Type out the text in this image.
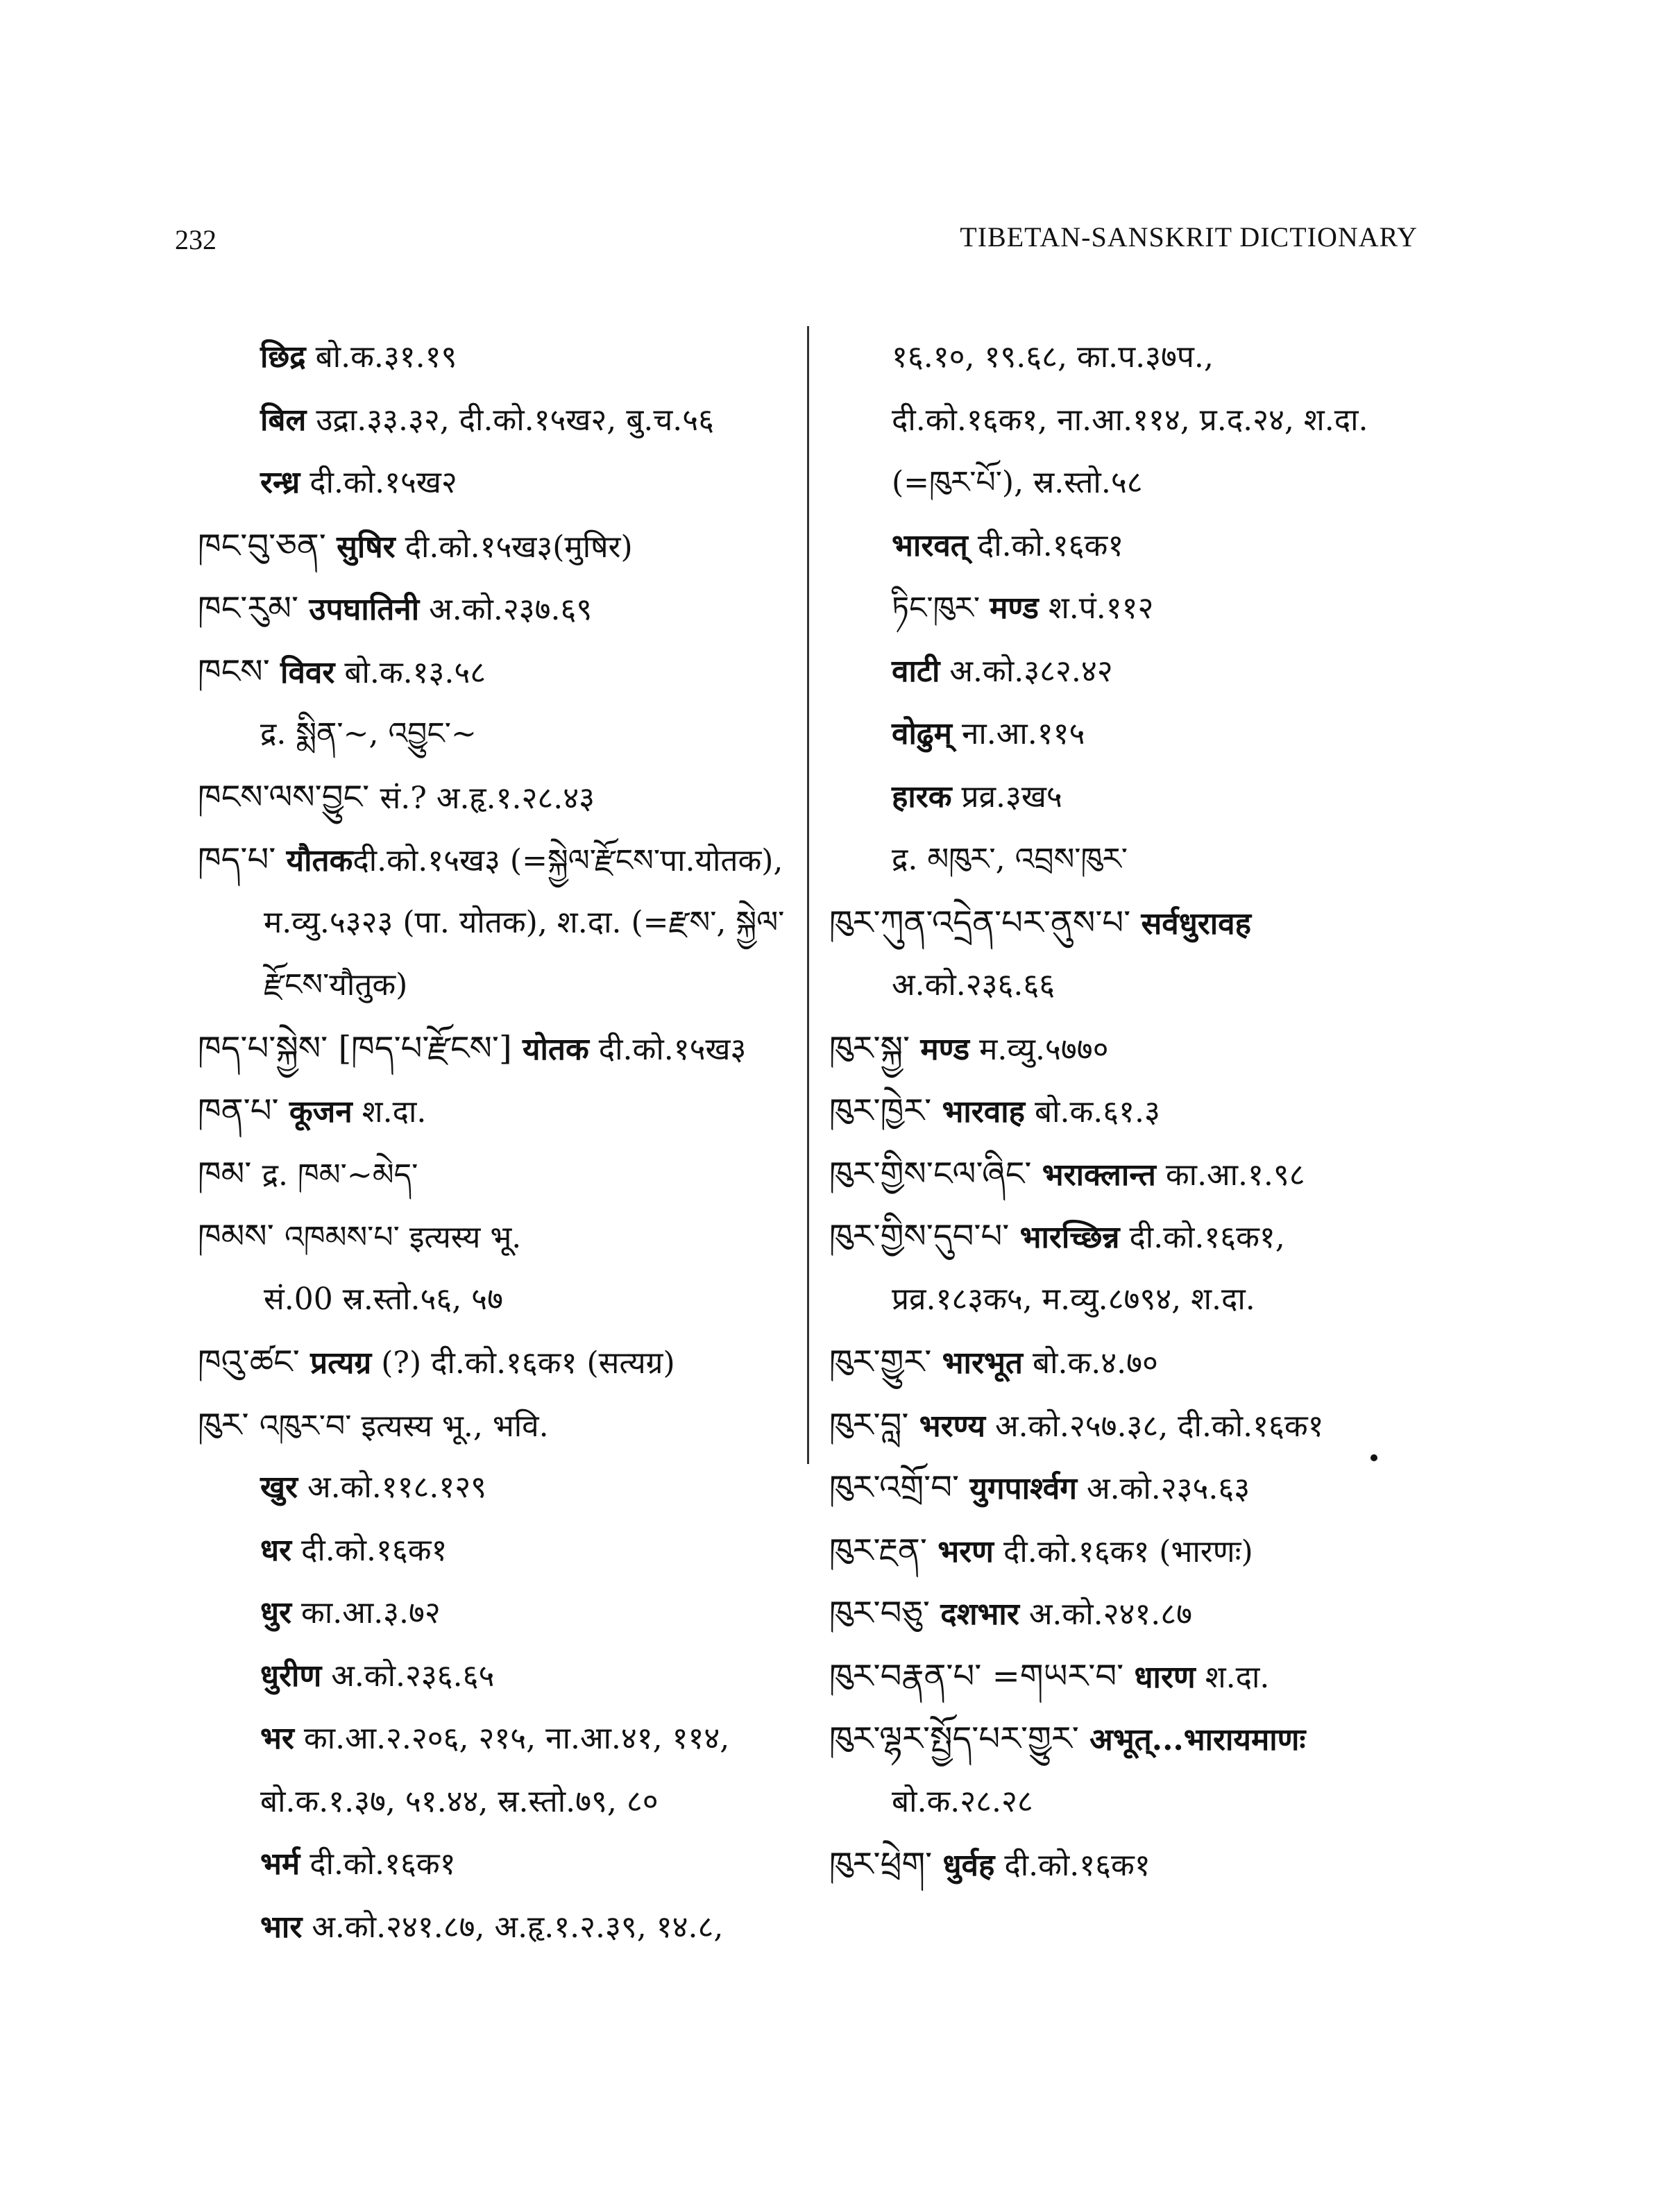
232	TIBETAN-SANSKRIT DICTIONARY
छिद्र बो.क.३१.१९
बिल उद्रा.३३.३२, दी.को.१५ख२, बु.च.५६
रन्ध्र दी.को.१५ख२
ཁང་བུ་ཅན་ सुषिर दी.को.१५ख३(मुषिर)
ཁང་རུམ་ उपघातिनी अ.को.२३७.६९
ཁངས་ विवर बो.क.१३.५८
द्र. སྨིན་~, འབྱུང་~
ཁངས་ལས་བྱུང་ सं.? अ.हृ.१.२८.४३
ཁད་པ་ यौतकदी.को.१५ख३ (=སྐྱེལ་རྫོངས་पा.योतक),
म.व्यु.५३२३ (पा. योतक), श.दा. (=རྫས་, སྐྱེལ་
རྫོངས་यौतुक)
ཁད་པ་སྐྱེས་ [ཁད་པ་རྫོངས་] योतक दी.को.१५ख३
ཁན་པ་ कूजन श.दा.
ཁམ་ द्र. ཁམ་~མེད་
ཁམས་ འཁམས་པ་ इत्यस्य भू.
सं.00 स्र.स्तो.५६, ५७
ཁའུ་ཚང་ प्रत्यग्र (?) दी.को.१६क१ (सत्यग्र)
ཁུར་ འཁུར་བ་ इत्यस्य भू., भवि.
खुर अ.को.११८.१२९
धर दी.को.१६क१
धुर का.आ.३.७२
धुरीण अ.को.२३६.६५
भर का.आ.२.२०६, २१५, ना.आ.४१, ११४,
बो.क.१.३७, ५१.४४, स्र.स्तो.७९, ८०
भर्म दी.को.१६क१
भार अ.को.२४१.८७, अ.हृ.१.२.३९, १४.८,
१६.१०, १९.६८, का.प.३७प.,
दी.को.१६क१, ना.आ.११४, प्र.द.२४, श.दा.
(=ཁུར་པོ་), स्र.स्तो.५८
भारवत् दी.को.१६क१
ཏིང་ཁུར་ मण्ड श.पं.११२
वाटी अ.को.३८२.४२
वोढुम् ना.आ.११५
हारक प्रव्र.३ख५
द्र. མཁུར་, འབྲས་ཁུར་
ཁུར་ཀུན་འདྲེན་པར་ནུས་པ་ सर्वधुरावह
अ.को.२३६.६६
ཁུར་སྐྱ་ मण्ड म.व्यु.५७७०
ཁུར་ཁྱེར་ भारवाह बो.क.६१.३
ཁུར་གྱིས་ངལ་ཞིང་ भराक्लान्त का.आ.१.९८
ཁུར་གྱིས་དུབ་པ་ भारच्छिन्न दी.को.१६क१,
प्रव्र.१८३क५, म.व्यु.८७९४, श.दा.
ཁུར་གྱུར་ भारभूत बो.क.४.७०
ཁུར་བླ་ भरण्य अ.को.२५७.३८, दी.को.१६क१
ཁུར་འགྲོ་བ་ युगपार्श्वग अ.को.२३५.६३
ཁུར་རྔན་ भरण दी.को.१६क१ (भारणः)
ཁུར་བཅུ་ दशभार अ.को.२४१.८७
ཁུར་བརྣན་པ་ =གཡར་བ་ धारण श.दा.
ཁུར་ལྷར་སྤྱོད་པར་གྱུར་ अभूत्...भारायमाणः
बो.क.२८.२८
ཁུར་ཕྲེག་ धुर्वह दी.को.१६क१
